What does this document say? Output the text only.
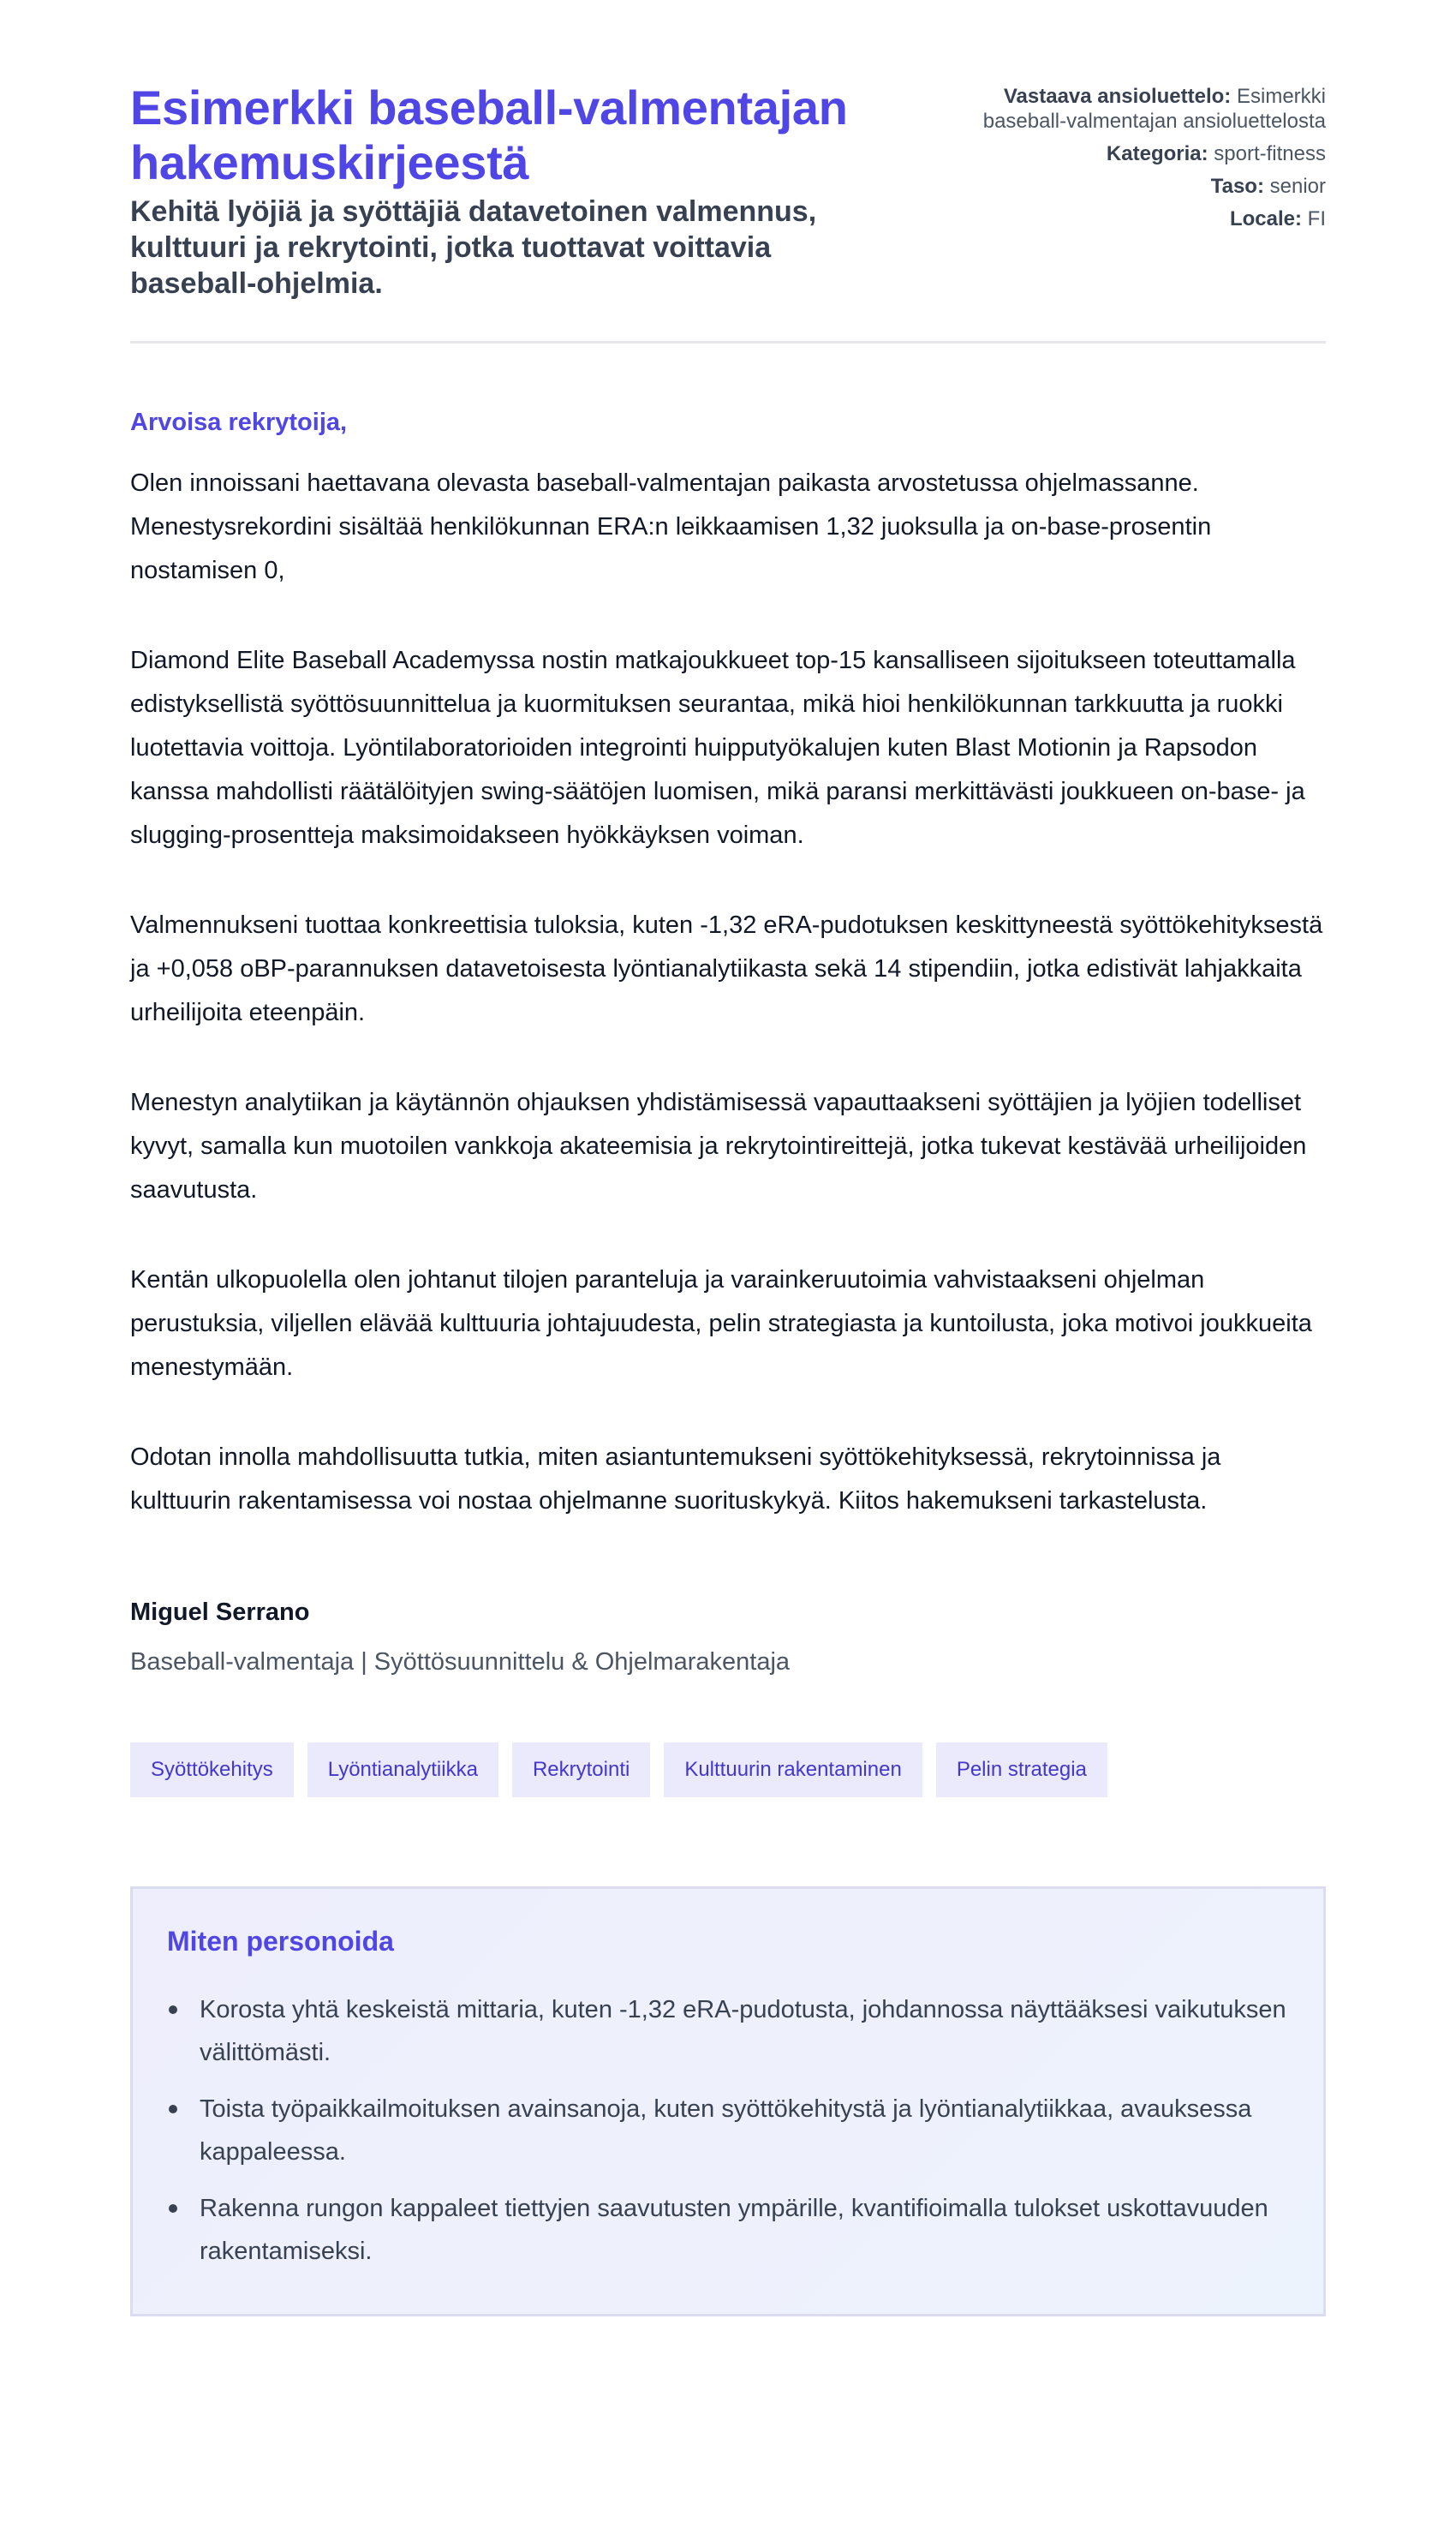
Esimerkki baseball-valmentajan hakemuskirjeestä

Kehitä lyöjiä ja syöttäjiä datavetoinen valmennus, kulttuuri ja rekrytointi, jotka tuottavat voittavia baseball-ohjelmia.

Vastaava ansioluettelo: Esimerkki baseball-valmentajan ansioluettelosta
Kategoria: sport-fitness
Taso: senior
Locale: FI

Arvoisa rekrytoija,

Olen innoissani haettavana olevasta baseball-valmentajan paikasta arvostetussa ohjelmassanne. Menestysrekordini sisältää henkilökunnan ERA:n leikkaamisen 1,32 juoksulla ja on-base-prosentin nostamisen 0,

Diamond Elite Baseball Academyssa nostin matkajoukkueet top-15 kansalliseen sijoitukseen toteuttamalla edistyksellistä syöttösuunnittelua ja kuormituksen seurantaa, mikä hioi henkilökunnan tarkkuutta ja ruokki luotettavia voittoja. Lyöntilaboratorioiden integrointi huipputyökalujen kuten Blast Motionin ja Rapsodon kanssa mahdollisti räätälöityjen swing-säätöjen luomisen, mikä paransi merkittävästi joukkueen on-base- ja slugging-prosentteja maksimoidakseen hyökkäyksen voiman.

Valmennukseni tuottaa konkreettisia tuloksia, kuten -1,32 eRA-pudotuksen keskittyneestä syöttökehityksestä ja +0,058 oBP-parannuksen datavetoisesta lyöntianalytiikasta sekä 14 stipendiin, jotka edistivät lahjakkaita urheilijoita eteenpäin.

Menestyn analytiikan ja käytännön ohjauksen yhdistämisessä vapauttaakseni syöttäjien ja lyöjien todelliset kyvyt, samalla kun muotoilen vankkoja akateemisia ja rekrytointireittejä, jotka tukevat kestävää urheilijoiden saavutusta.

Kentän ulkopuolella olen johtanut tilojen paranteluja ja varainkeruutoimia vahvistaakseni ohjelman perustuksia, viljellen elävää kulttuuria johtajuudesta, pelin strategiasta ja kuntoilusta, joka motivoi joukkueita menestymään.

Odotan innolla mahdollisuutta tutkia, miten asiantuntemukseni syöttökehityksessä, rekrytoinnissa ja kulttuurin rakentamisessa voi nostaa ohjelmanne suorituskykyä. Kiitos hakemukseni tarkastelusta.

Miguel Serrano
Baseball-valmentaja | Syöttösuunnittelu & Ohjelmarakentaja
Syöttökehitys	Lyöntianalytiikka	Rekrytointi	Kulttuurin rakentaminen	Pelin strategia
Miten personoida
Korosta yhtä keskeistä mittaria, kuten -1,32 eRA-pudotusta, johdannossa näyttääksesi vaikutuksen välittömästi.
Toista työpaikkailmoituksen avainsanoja, kuten syöttökehitystä ja lyöntianalytiikkaa, avauksessa kappaleessa.
Rakenna rungon kappaleet tiettyjen saavutusten ympärille, kvantifioimalla tulokset uskottavuuden rakentamiseksi.
